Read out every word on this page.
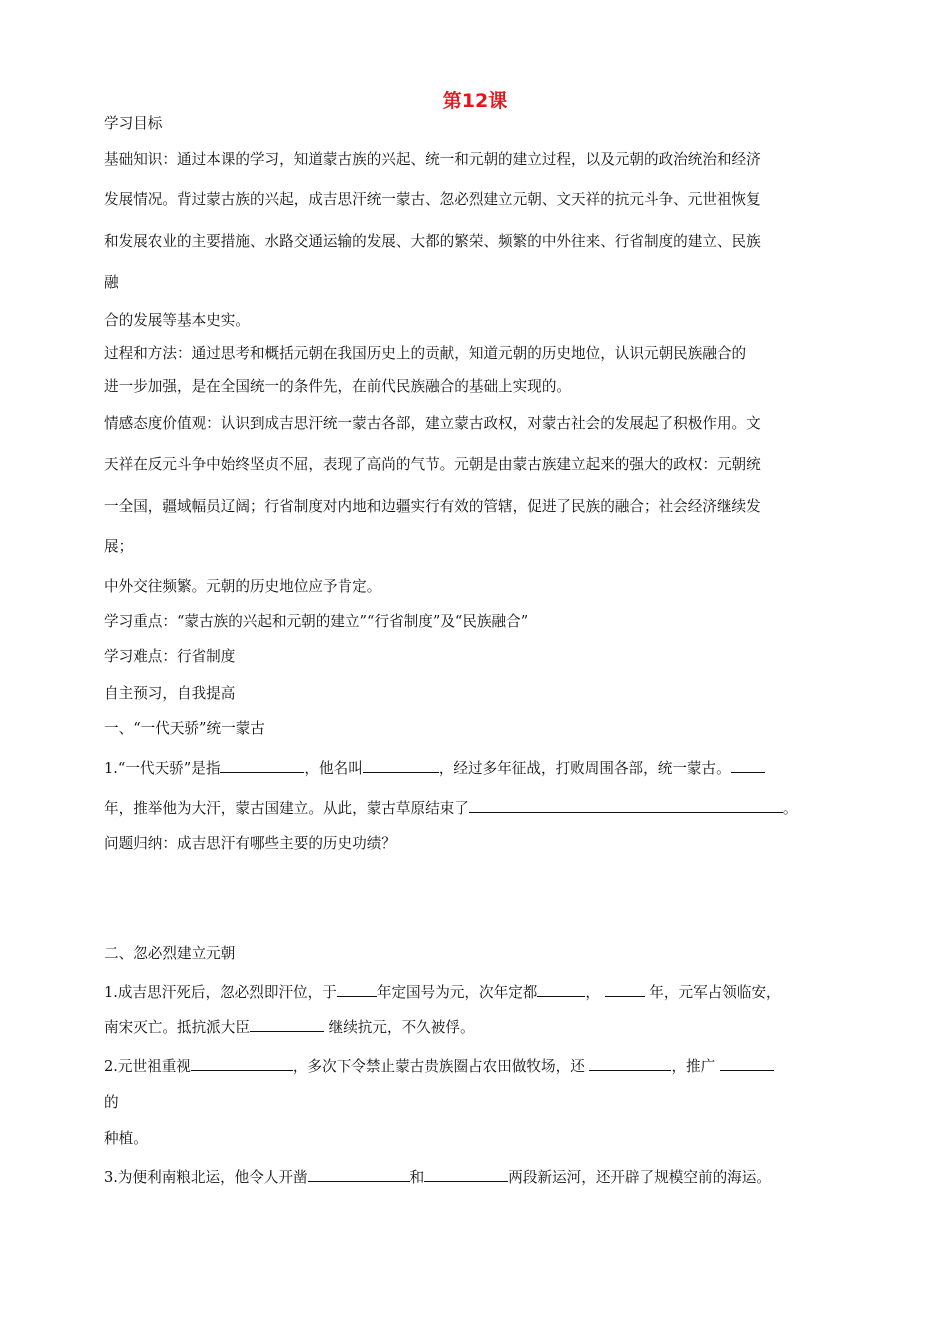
第12课
学习目标
基础知识：通过本课的学习，知道蒙古族的兴起、统一和元朝的建立过程，以及元朝的政治统治和经济
发展情况。背过蒙古族的兴起，成吉思汗统一蒙古、忽必烈建立元朝、文天祥的抗元斗争、元世祖恢复
和发展农业的主要措施、水路交通运输的发展、大都的繁荣、频繁的中外往来、行省制度的建立、民族
融
合的发展等基本史实。
过程和方法：通过思考和概括元朝在我国历史上的贡献，知道元朝的历史地位，认识元朝民族融合的
进一步加强，是在全国统一的条件先，在前代民族融合的基础上实现的。
情感态度价值观：认识到成吉思汗统一蒙古各部，建立蒙古政权，对蒙古社会的发展起了积极作用。文
天祥在反元斗争中始终坚贞不屈，表现了高尚的气节。元朝是由蒙古族建立起来的强大的政权：元朝统
一全国，疆域幅员辽阔；行省制度对内地和边疆实行有效的管辖，促进了民族的融合；社会经济继续发
展；
中外交往频繁。元朝的历史地位应予肯定。
学习重点：“蒙古族的兴起和元朝的建立”“行省制度”及“民族融合”
学习难点：行省制度
自主预习，自我提高
一、“一代天骄”统一蒙古
1.“一代天骄”是指	，他名叫	，经过多年征战，打败周围各部，统一蒙古。
年，推举他为大汗，蒙古国建立。从此，蒙古草原结束了	。
问题归纳：成吉思汗有哪些主要的历史功绩？
二、忽必烈建立元朝
1.成吉思汗死后，忽必烈即汗位，于	年定国号为元，次年定都	，	年，元军占领临安，
南宋灭亡。抵抗派大臣	继续抗元，不久被俘。
2.元世祖重视	，多次下令禁止蒙古贵族圈占农田做牧场，还	，推广
的
种植。
3.为便利南粮北运，他令人开凿	和	两段新运河，还开辟了规模空前的海运。
